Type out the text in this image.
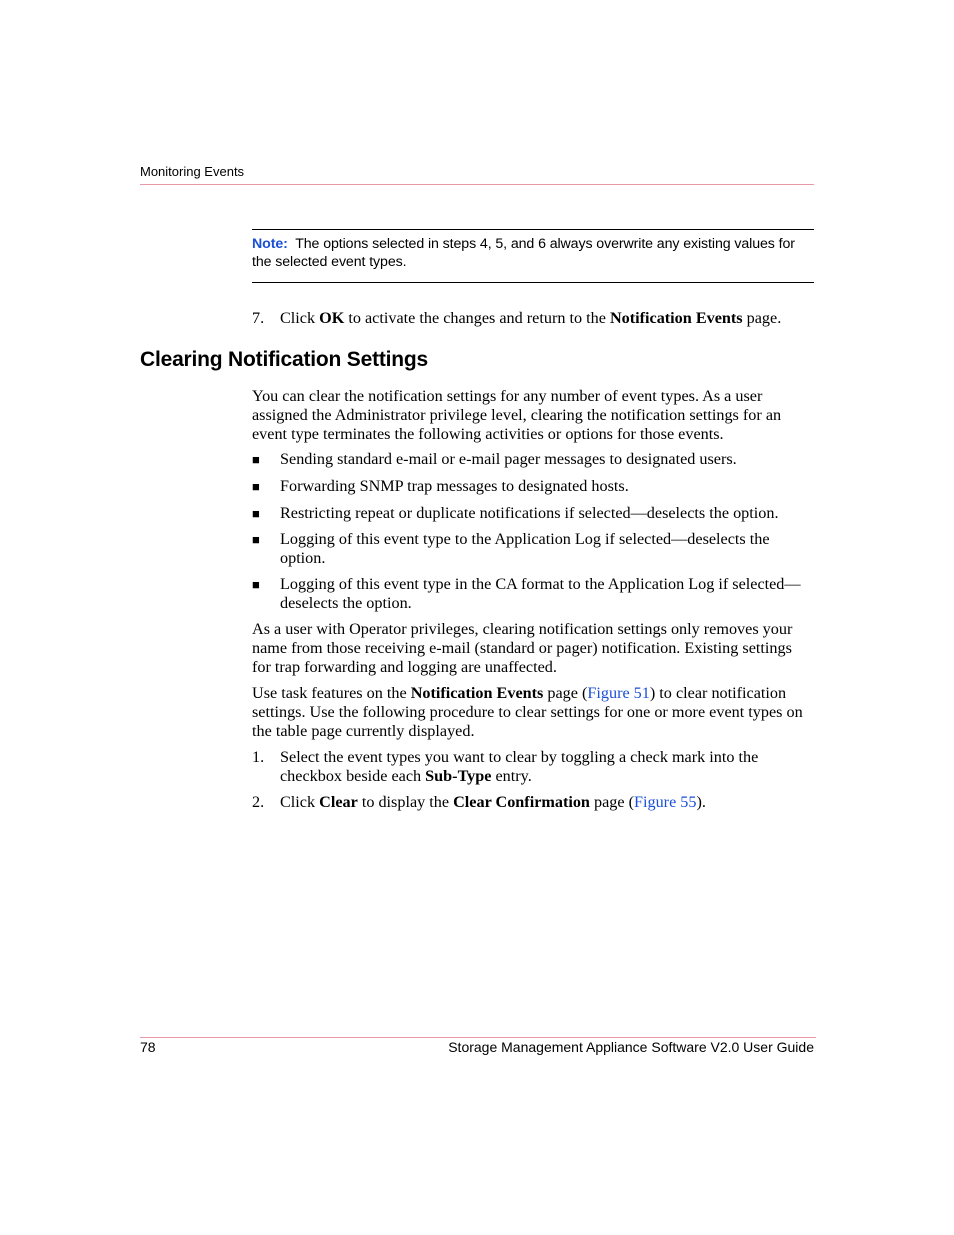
Monitoring Events
Note: The options selected in steps 4, 5, and 6 always overwrite any existing values for the selected event types.
7. Click OK to activate the changes and return to the Notification Events page.
Clearing Notification Settings
You can clear the notification settings for any number of event types. As a user assigned the Administrator privilege level, clearing the notification settings for an event type terminates the following activities or options for those events.
■ Sending standard e-mail or e-mail pager messages to designated users.
■ Forwarding SNMP trap messages to designated hosts.
■ Restricting repeat or duplicate notifications if selected—deselects the option.
■ Logging of this event type to the Application Log if selected—deselects the option.
■ Logging of this event type in the CA format to the Application Log if selected—deselects the option.
As a user with Operator privileges, clearing notification settings only removes your name from those receiving e-mail (standard or pager) notification. Existing settings for trap forwarding and logging are unaffected.
Use task features on the Notification Events page (Figure 51) to clear notification settings. Use the following procedure to clear settings for one or more event types on the table page currently displayed.
1. Select the event types you want to clear by toggling a check mark into the checkbox beside each Sub-Type entry.
2. Click Clear to display the Clear Confirmation page (Figure 55).
78	Storage Management Appliance Software V2.0 User Guide
